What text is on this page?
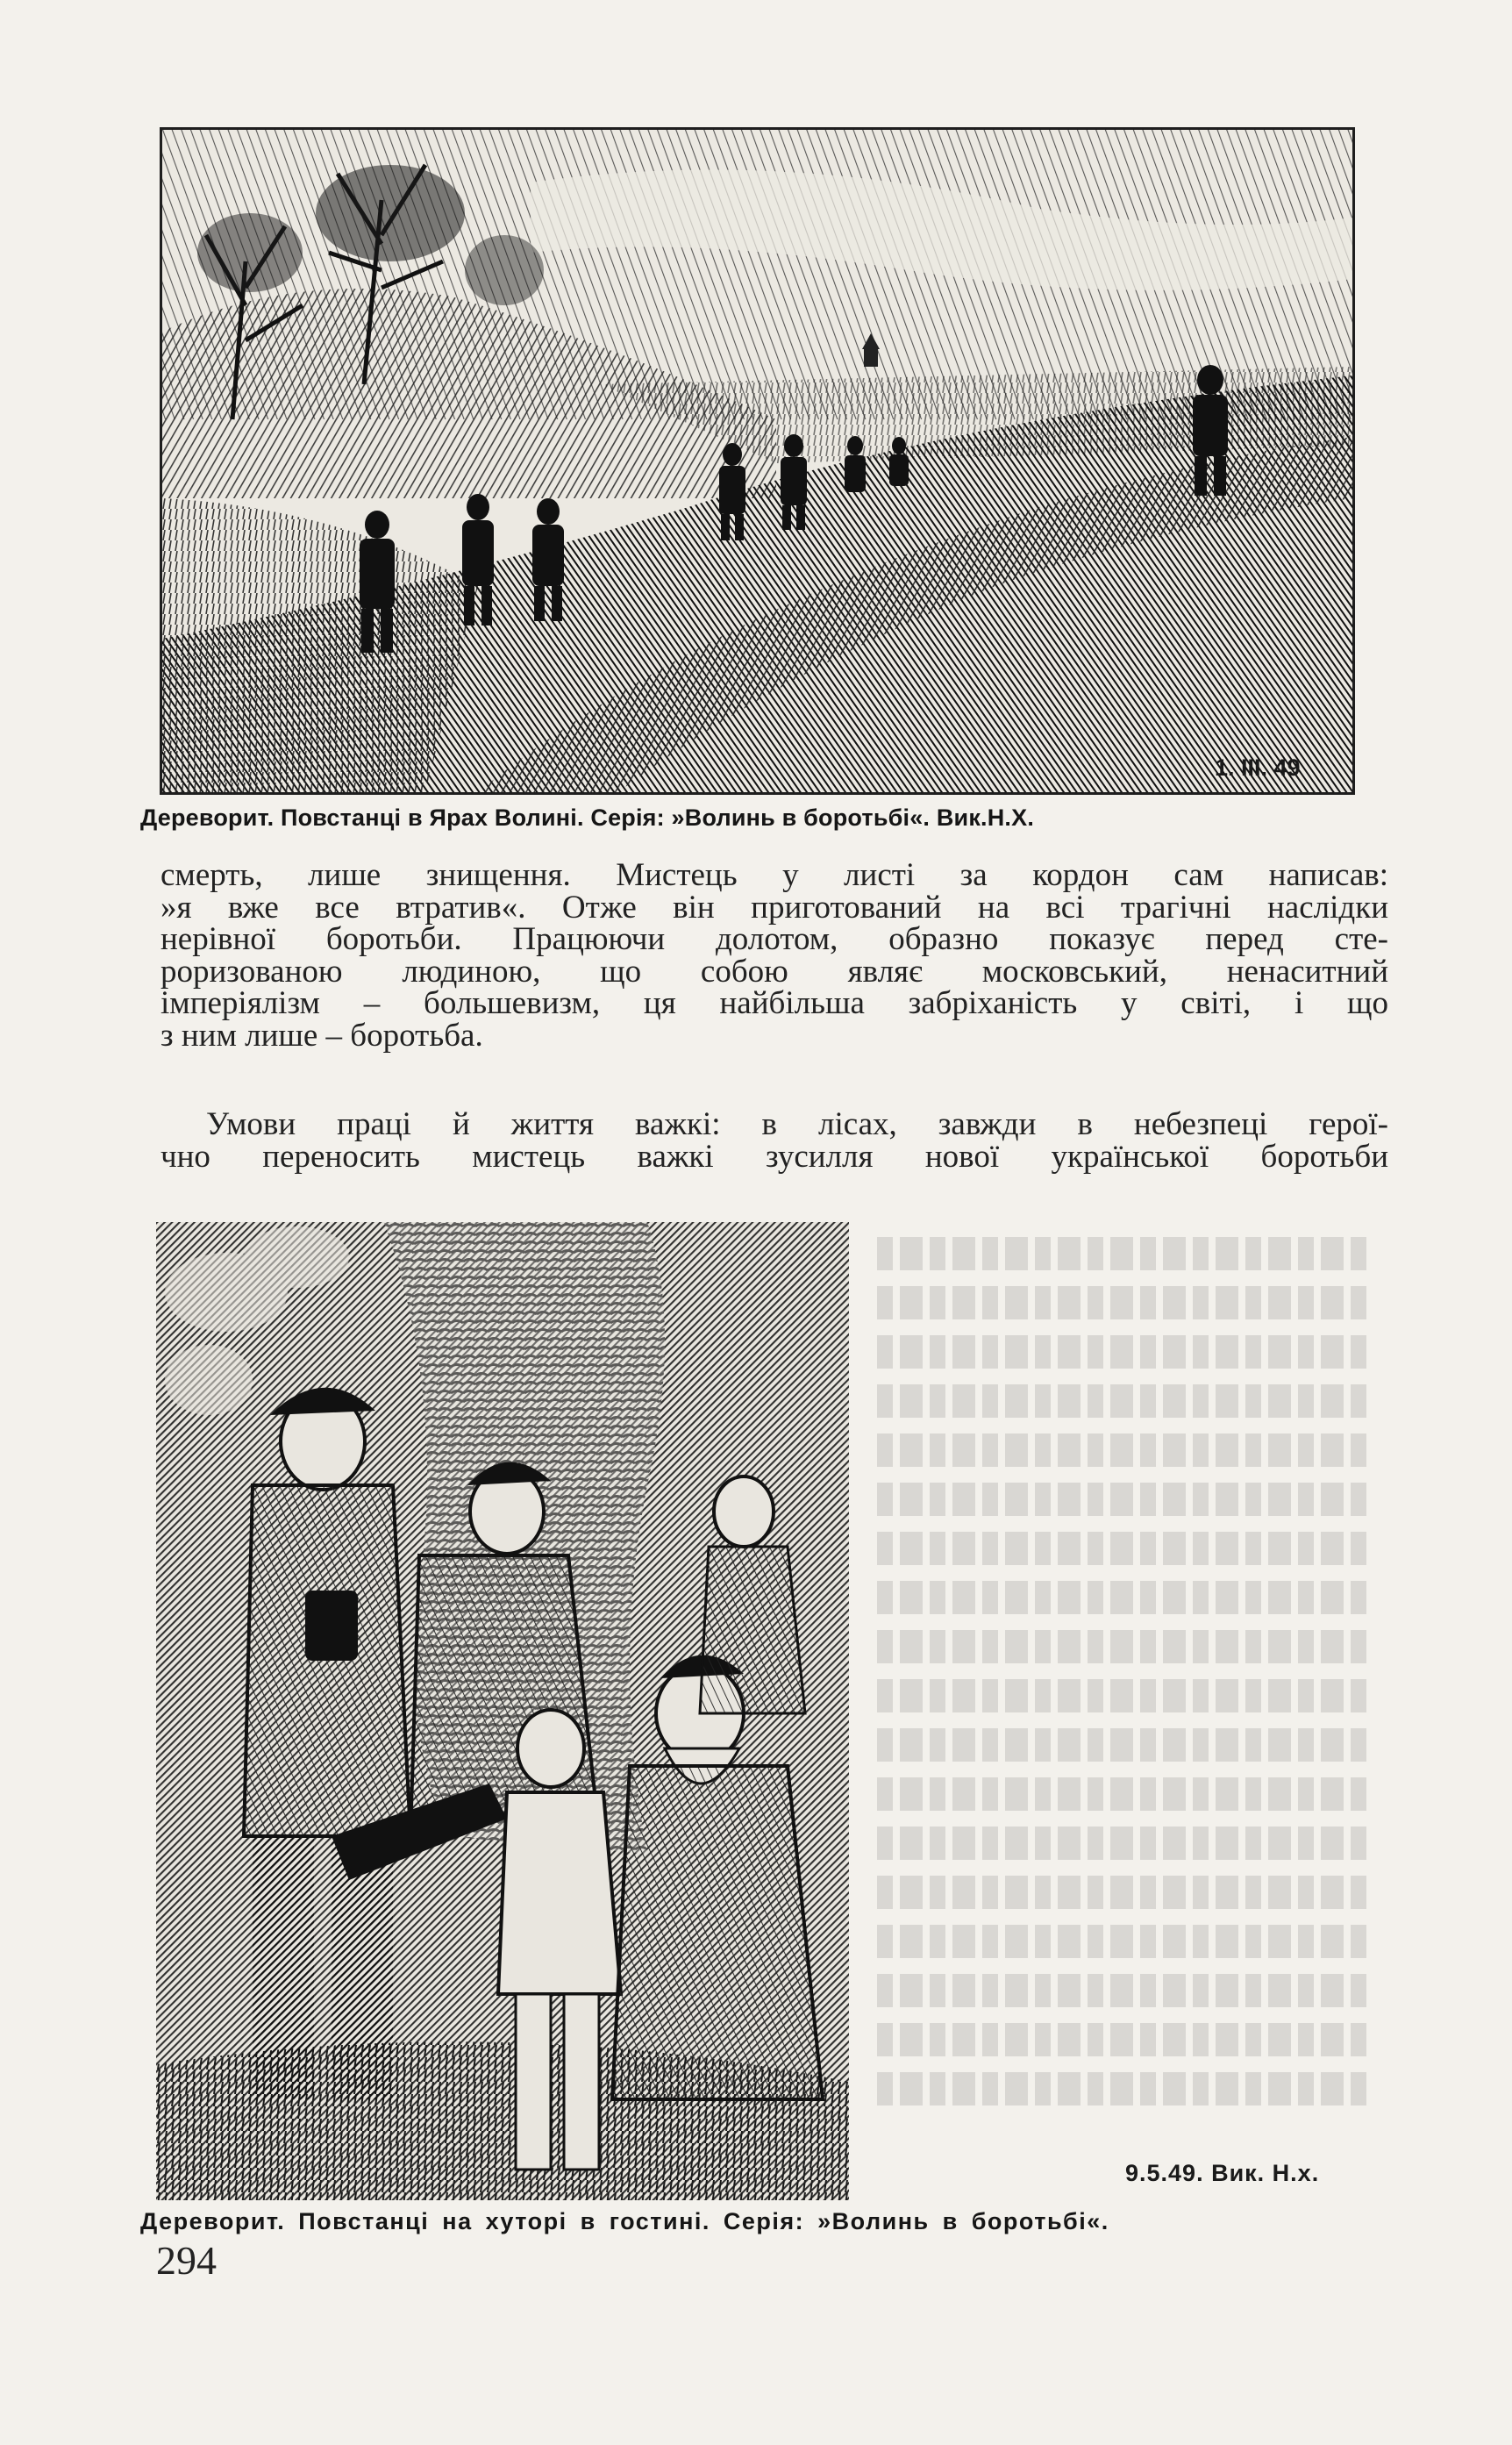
1. III. 49
Дереворит. Повстанці в Ярах Волині. Серія: »Волинь в боротьбі«. Вик.Н.Х.
смерть, лише знищення. Мистець у листі за кордон сам написав:
»я вже все втратив«. Отже він приготований на всі трагічні наслідки
нерівної боротьби. Працюючи долотом, образно показує перед сте-
роризованою людиною, що собою являє московський, ненаситний
імперіялізм – большевизм, ця найбільша забріханість у світі, і що
з ним лише – боротьба.
Умови праці й життя важкі: в лісах, завжди в небезпеці герої-
чно переносить мистець важкі зусилля нової української боротьби
9.5.49. Вик. Н.х.
Дереворит. Повстанці на хуторі в гостині. Серія: »Волинь в боротьбі«.
294
